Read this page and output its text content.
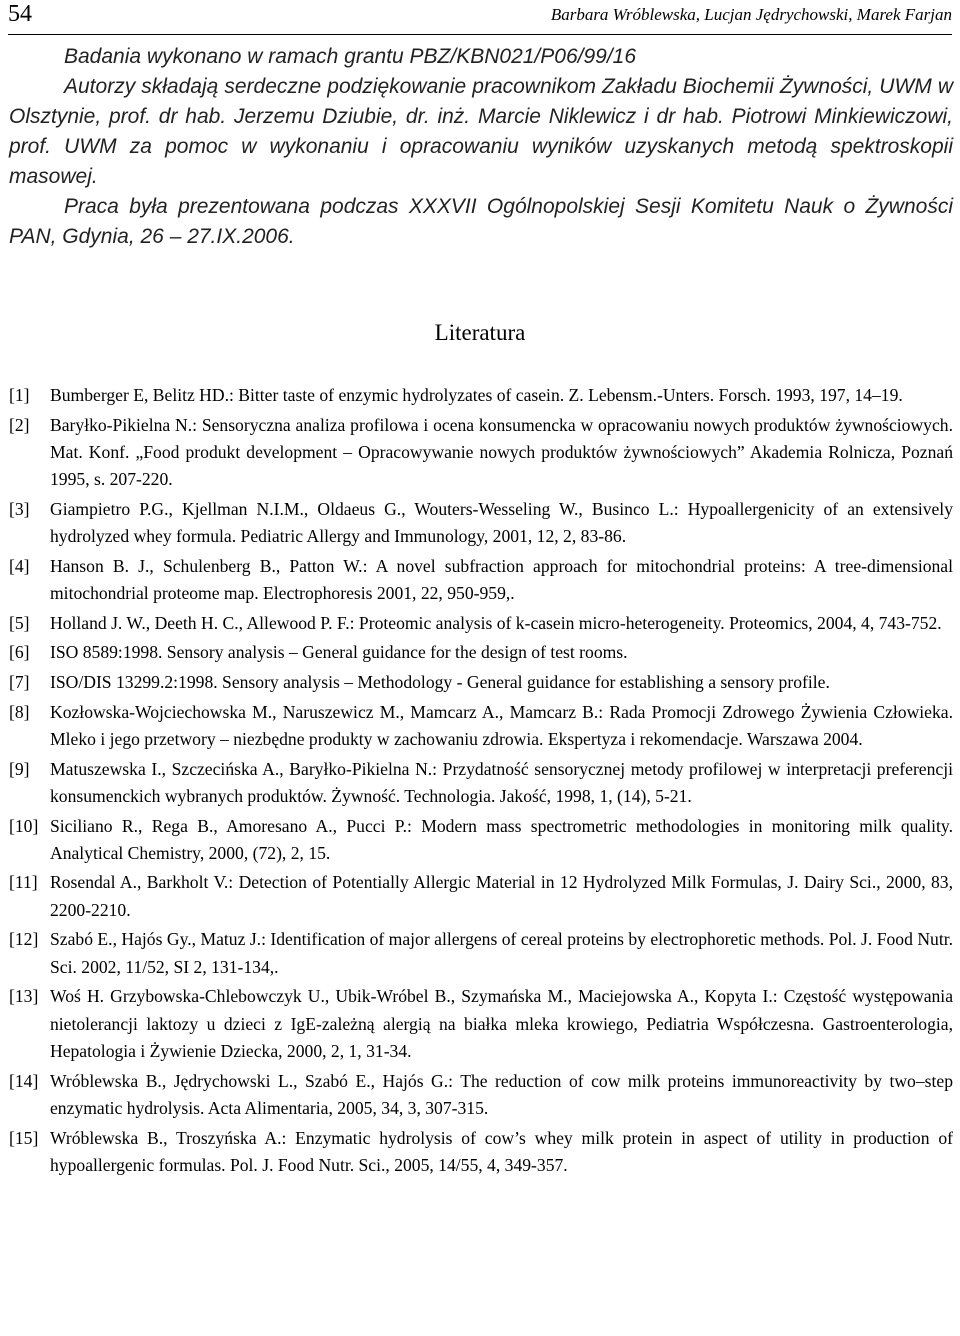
54	Barbara Wróblewska, Lucjan Jędrychowski, Marek Farjan

Badania wykonano w ramach grantu PBZ/KBN021/P06/99/16

Autorzy składają serdeczne podziękowanie pracownikom Zakładu Biochemii Żywności, UWM w Olsztynie, prof. dr hab. Jerzemu Dziubie, dr. inż. Marcie Niklewicz i dr hab. Piotrowi Minkiewiczowi, prof. UWM za pomoc w wykonaniu i opracowaniu wyników uzyskanych metodą spektroskopii masowej.

Praca była prezentowana podczas XXXVII Ogólnopolskiej Sesji Komitetu Nauk o Żywności PAN, Gdynia, 26 – 27.IX.2006.

Literatura
[1] Bumberger E, Belitz HD.: Bitter taste of enzymic hydrolyzates of casein. Z. Lebensm.-Unters. Forsch. 1993, 197, 14–19.
[2] Baryłko-Pikielna N.: Sensoryczna analiza profilowa i ocena konsumencka w opracowaniu nowych produktów żywnościowych. Mat. Konf. „Food produkt development – Opracowywanie nowych produktów żywnościowych” Akademia Rolnicza, Poznań 1995, s. 207-220.
[3] Giampietro P.G., Kjellman N.I.M., Oldaeus G., Wouters-Wesseling W., Businco L.: Hypoallergenicity of an extensively hydrolyzed whey formula. Pediatric Allergy and Immunology, 2001, 12, 2, 83-86.
[4] Hanson B. J., Schulenberg B., Patton W.: A novel subfraction approach for mitochondrial proteins: A tree-dimensional mitochondrial proteome map. Electrophoresis 2001, 22, 950-959,.
[5] Holland J. W., Deeth H. C., Allewood P. F.: Proteomic analysis of k-casein micro-heterogeneity. Proteomics, 2004, 4, 743-752.
[6] ISO 8589:1998. Sensory analysis – General guidance for the design of test rooms.
[7] ISO/DIS 13299.2:1998. Sensory analysis – Methodology - General guidance for establishing a sensory profile.
[8] Kozłowska-Wojciechowska M., Naruszewicz M., Mamcarz A., Mamcarz B.: Rada Promocji Zdrowego Żywienia Człowieka. Mleko i jego przetwory – niezbędne produkty w zachowaniu zdrowia. Ekspertyza i rekomendacje. Warszawa 2004.
[9] Matuszewska I., Szczecińska A., Baryłko-Pikielna N.: Przydatność sensorycznej metody profilowej w interpretacji preferencji konsumenckich wybranych produktów. Żywność. Technologia. Jakość, 1998, 1, (14), 5-21.
[10] Siciliano R., Rega B., Amoresano A., Pucci P.: Modern mass spectrometric methodologies in monitoring milk quality. Analytical Chemistry, 2000, (72), 2, 15.
[11] Rosendal A., Barkholt V.: Detection of Potentially Allergic Material in 12 Hydrolyzed Milk Formulas, J. Dairy Sci., 2000, 83, 2200-2210.
[12] Szabó E., Hajós Gy., Matuz J.: Identification of major allergens of cereal proteins by electrophoretic methods. Pol. J. Food Nutr. Sci. 2002, 11/52, SI 2, 131-134,.
[13] Woś H. Grzybowska-Chlebowczyk U., Ubik-Wróbel B., Szymańska M., Maciejowska A., Kopyta I.: Częstość występowania nietolerancji laktozy u dzieci z IgE-zależną alergią na białka mleka krowiego, Pediatria Współczesna. Gastroenterologia, Hepatologia i Żywienie Dziecka, 2000, 2, 1, 31-34.
[14] Wróblewska B., Jędrychowski L., Szabó E., Hajós G.: The reduction of cow milk proteins immunoreactivity by two–step enzymatic hydrolysis. Acta Alimentaria, 2005, 34, 3, 307-315.
[15] Wróblewska B., Troszyńska A.: Enzymatic hydrolysis of cow’s whey milk protein in aspect of utility in production of hypoallergenic formulas. Pol. J. Food Nutr. Sci., 2005, 14/55, 4, 349-357.
